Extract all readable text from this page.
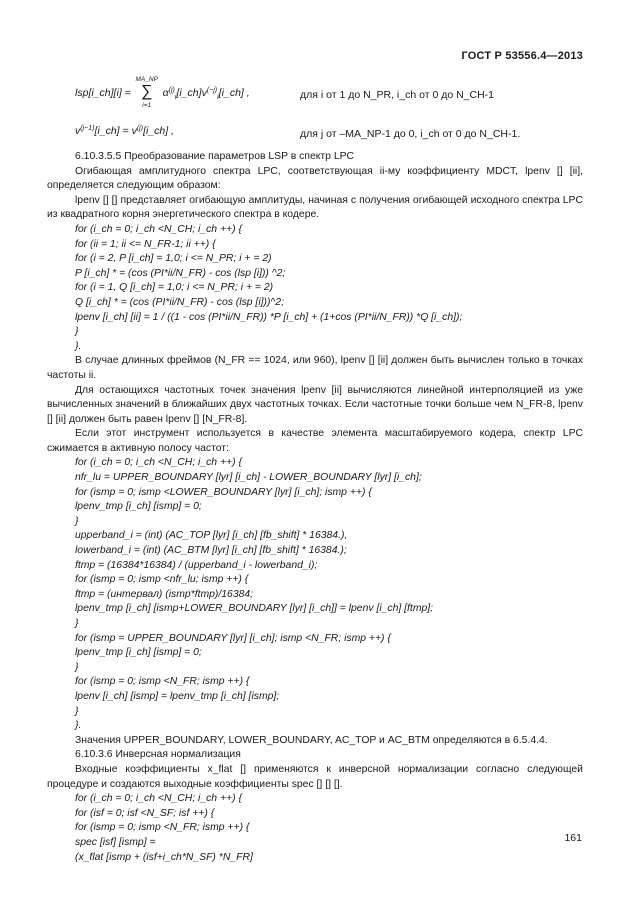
ГОСТ Р 53556.4—2013
lsp[i_ch][i] =
MA_NP
∑
i=1
$\alpha^{(j)}_i[i\_ch]v^{(-j)}_i[i\_ch]$ ,	для i от 1 до N_PR, i_ch от 0 до N_CH-1
$v^{(j-1)}[i\_ch]$ = $v^{(j)}[i\_ch]$ ,	для j от –MA_NP-1 до 0, i_ch от 0 до N_CH-1.
6.10.3.5.5 Преобразование параметров LSP в спектр LPC
Огибающая амплитудного спектра LPC, соответствующая ii-му коэффициенту MDCT, lpenv [] [ii], определяется следующим образом:
lpenv [] [] представляет огибающую амплитуды, начиная с получения огибающей исходного спектра LPC из квадратного корня энергетического спектра в кодере.
for (i_ch = 0; i_ch <N_CH; i_ch ++) {
for (ii = 1; ii <= N_FR-1; ii ++) {
for (i = 2, P [i_ch] = 1,0; i <= N_PR; i + = 2)
P [i_ch] * = (cos (PI*ii/N_FR) - cos (lsp [i])) ^2;
for (i = 1, Q [i_ch] = 1,0; i <= N_PR; i + = 2)
Q [i_ch] * = (cos (PI*ii/N_FR) - cos (lsp [i]))^2;
lpenv [i_ch] [ii] = 1 / ((1 - cos (PI*ii/N_FR)) *P [i_ch] + (1+cos (PI*ii/N_FR)) *Q [i_ch]);
}
}.
В случае длинных фреймов (N_FR == 1024, или 960), lpenv [] [ii] должен быть вычислен только в точках частоты ii.
Для остающихся частотных точек значения lpenv [ii] вычисляются линейной интерполяцией из уже вычисленных значений в ближайших двух частотных точках. Если частотные точки больше чем N_FR-8, lpenv [] [ii] должен быть равен lpenv [] [N_FR-8].
Если этот инструмент используется в качестве элемента масштабируемого кодера, спектр LPC сжимается в активную полосу частот:
for (i_ch = 0; i_ch <N_CH; i_ch ++) {
nfr_lu = UPPER_BOUNDARY [lyr] [i_ch] - LOWER_BOUNDARY [lyr] [i_ch];
for (ismp = 0; ismp <LOWER_BOUNDARY [lyr] [i_ch]; ismp ++) {
lpenv_tmp [i_ch] [ismp] = 0;
}
upperband_i = (int) (AC_TOP [lyr] [i_ch] [fb_shift] * 16384.),
lowerband_i = (int) (AC_BTM [lyr] [i_ch] [fb_shift] * 16384.);
ftmp = (16384*16384) / (upperband_i - lowerband_i);
for (ismp = 0; ismp <nfr_lu; ismp ++) {
ftmp = (интервал) (ismp*ftmp)/16384;
lpenv_tmp [i_ch] [ismp+LOWER_BOUNDARY [lyr] [i_ch]] = lpenv [i_ch] [ftmp];
}
for (ismp = UPPER_BOUNDARY [lyr] [i_ch]; ismp <N_FR; ismp ++) {
lpenv_tmp [i_ch] [ismp] = 0;
}
for (ismp = 0; ismp <N_FR; ismp ++) {
lpenv [i_ch] [ismp] = lpenv_tmp [i_ch] [ismp];
}
}.
Значения UPPER_BOUNDARY, LOWER_BOUNDARY, AC_TOP и AC_BTM определяются в 6.5.4.4.
6.10.3.6 Инверсная нормализация
Входные коэффициенты x_flat [] применяются к инверсной нормализации согласно следующей процедуре и создаются выходные коэффициенты spec [] [] [].
for (i_ch = 0; i_ch <N_CH; i_ch ++) {
for (isf = 0; isf <N_SF; isf ++) {
for (ismp = 0; ismp <N_FR; ismp ++) {
spec [isf] [ismp] =
(x_flat [ismp + (isf+i_ch*N_SF) *N_FR]
161
